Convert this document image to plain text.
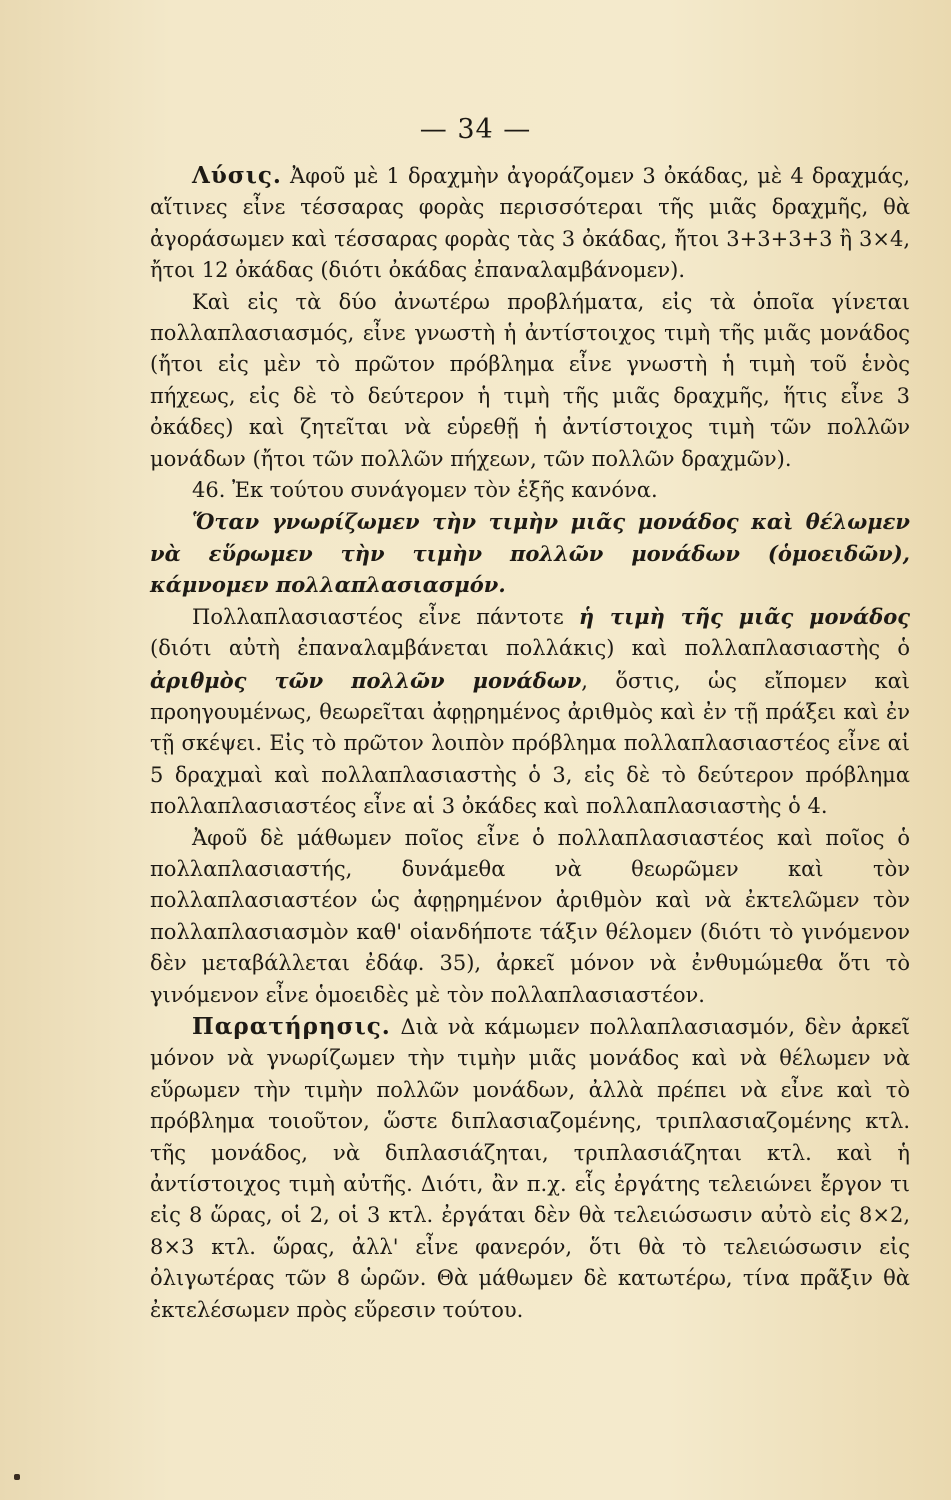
— 34 —

Λύσις. Ἀφοῦ μὲ 1 δραχμὴν ἀγοράζομεν 3 ὀκάδας, μὲ 4 δραχμάς, αἵτινες εἶνε τέσσαρας φορὰς περισσότεραι τῆς μιᾶς δραχμῆς, θὰ ἀγοράσωμεν καὶ τέσσαρας φορὰς τὰς 3 ὀκάδας, ἤτοι 3+3+3+3 ἢ 3×4, ἤτοι 12 ὀκάδας (διότι ὀκάδας ἐπαναλαμβάνομεν).

Καὶ εἰς τὰ δύο ἀνωτέρω προβλήματα, εἰς τὰ ὁποῖα γίνεται πολλαπλασιασμός, εἶνε γνωστὴ ἡ ἀντίστοιχος τιμὴ τῆς μιᾶς μονάδος (ἤτοι εἰς μὲν τὸ πρῶτον πρόβλημα εἶνε γνωστὴ ἡ τιμὴ τοῦ ἑνὸς πήχεως, εἰς δὲ τὸ δεύτερον ἡ τιμὴ τῆς μιᾶς δραχμῆς, ἥτις εἶνε 3 ὀκάδες) καὶ ζητεῖται νὰ εὑρεθῇ ἡ ἀντίστοιχος τιμὴ τῶν πολλῶν μονάδων (ἤτοι τῶν πολλῶν πήχεων, τῶν πολλῶν δραχμῶν).

46. Ἐκ τούτου συνάγομεν τὸν ἑξῆς κανόνα.

Ὅταν γνωρίζωμεν τὴν τιμὴν μιᾶς μονάδος καὶ θέλωμεν νὰ εὕρωμεν τὴν τιμὴν πολλῶν μονάδων (ὁμοειδῶν), κάμνομεν πολλαπλασιασμόν.

Πολλαπλασιαστέος εἶνε πάντοτε ἡ τιμὴ τῆς μιᾶς μονάδος (διότι αὐτὴ ἐπαναλαμβάνεται πολλάκις) καὶ πολλαπλασιαστὴς ὁ ἀριθμὸς τῶν πολλῶν μονάδων, ὅστις, ὡς εἴπομεν καὶ προηγουμένως, θεωρεῖται ἀφῃρημένος ἀριθμὸς καὶ ἐν τῇ πράξει καὶ ἐν τῇ σκέψει. Εἰς τὸ πρῶτον λοιπὸν πρόβλημα πολλαπλασιαστέος εἶνε αἱ 5 δραχμαὶ καὶ πολλαπλασιαστὴς ὁ 3, εἰς δὲ τὸ δεύτερον πρόβλημα πολλαπλασιαστέος εἶνε αἱ 3 ὀκάδες καὶ πολλαπλασιαστὴς ὁ 4.

Ἀφοῦ δὲ μάθωμεν ποῖος εἶνε ὁ πολλαπλασιαστέος καὶ ποῖος ὁ πολλαπλασιαστής, δυνάμεθα νὰ θεωρῶμεν καὶ τὸν πολλαπλασιαστέον ὡς ἀφῃρημένον ἀριθμὸν καὶ νὰ ἐκτελῶμεν τὸν πολλαπλασιασμὸν καθ' οἱανδήποτε τάξιν θέλομεν (διότι τὸ γινόμενον δὲν μεταβάλλεται ἐδάφ. 35), ἀρκεῖ μόνον νὰ ἐνθυμώμεθα ὅτι τὸ γινόμενον εἶνε ὁμοειδὲς μὲ τὸν πολλαπλασιαστέον.

Παρατήρησις. Διὰ νὰ κάμωμεν πολλαπλασιασμόν, δὲν ἀρκεῖ μόνον νὰ γνωρίζωμεν τὴν τιμὴν μιᾶς μονάδος καὶ νὰ θέλωμεν νὰ εὕρωμεν τὴν τιμὴν πολλῶν μονάδων, ἀλλὰ πρέπει νὰ εἶνε καὶ τὸ πρόβλημα τοιοῦτον, ὥστε διπλασιαζομένης, τριπλασιαζομένης κτλ. τῆς μονάδος, νὰ διπλασιάζηται, τριπλασιάζηται κτλ. καὶ ἡ ἀντίστοιχος τιμὴ αὐτῆς. Διότι, ἂν π.χ. εἷς ἐργάτης τελειώνει ἔργον τι εἰς 8 ὥρας, οἱ 2, οἱ 3 κτλ. ἐργάται δὲν θὰ τελειώσωσιν αὐτὸ εἰς 8×2, 8×3 κτλ. ὥρας, ἀλλ' εἶνε φανερόν, ὅτι θὰ τὸ τελειώσωσιν εἰς ὀλιγωτέρας τῶν 8 ὡρῶν. Θὰ μάθωμεν δὲ κατωτέρω, τίνα πρᾶξιν θὰ ἐκτελέσωμεν πρὸς εὕρεσιν τούτου.
